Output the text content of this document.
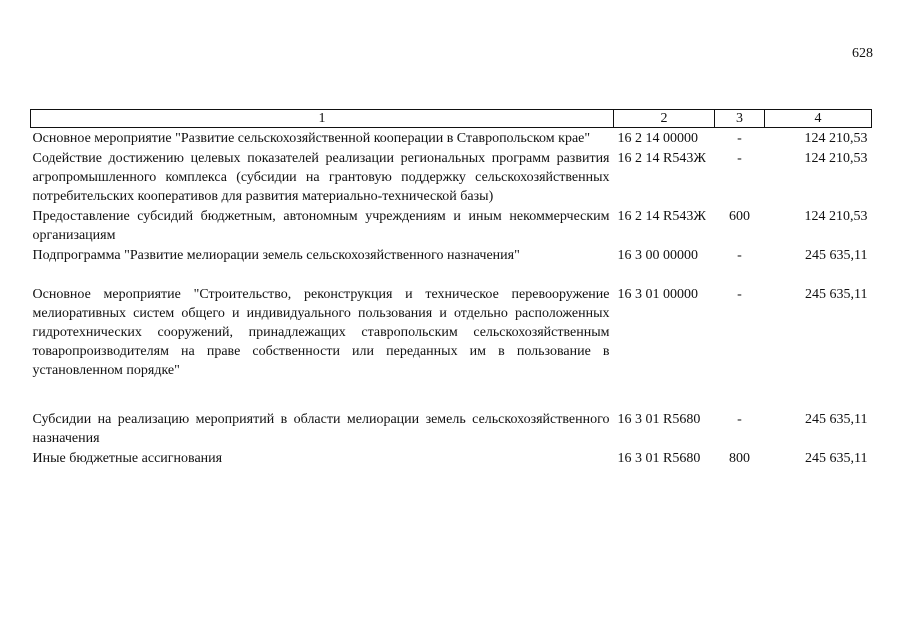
628
1	2	3	4
Основное мероприятие "Развитие сельскохозяйственной кооперации в Ставропольском крае"	16 2 14 00000	-	124 210,53
Содействие достижению целевых показателей реализации региональных программ развития агропромышленного комплекса (субсидии на грантовую поддержку сельскохозяйственных потребительских кооперативов для развития материально-технической базы)	16 2 14 R543Ж	-	124 210,53
Предоставление субсидий бюджетным, автономным учреждениям и иным некоммерческим организациям	16 2 14 R543Ж	600	124 210,53
Подпрограмма "Развитие мелиорации земель сельскохозяйственного назначения"	16 3 00 00000	-	245 635,11
Основное мероприятие "Строительство, реконструкция и техническое перевооружение мелиоративных систем общего и индивидуального пользования и отдельно расположенных гидротехнических сооружений, принадлежащих ставропольским сельскохозяйственным товаропроизводителям на праве собственности или переданных им в пользование в установленном порядке"	16 3 01 00000	-	245 635,11
Субсидии на реализацию мероприятий в области мелиорации земель сельскохозяйственного назначения	16 3 01 R5680	-	245 635,11
Иные бюджетные ассигнования	16 3 01 R5680	800	245 635,11
